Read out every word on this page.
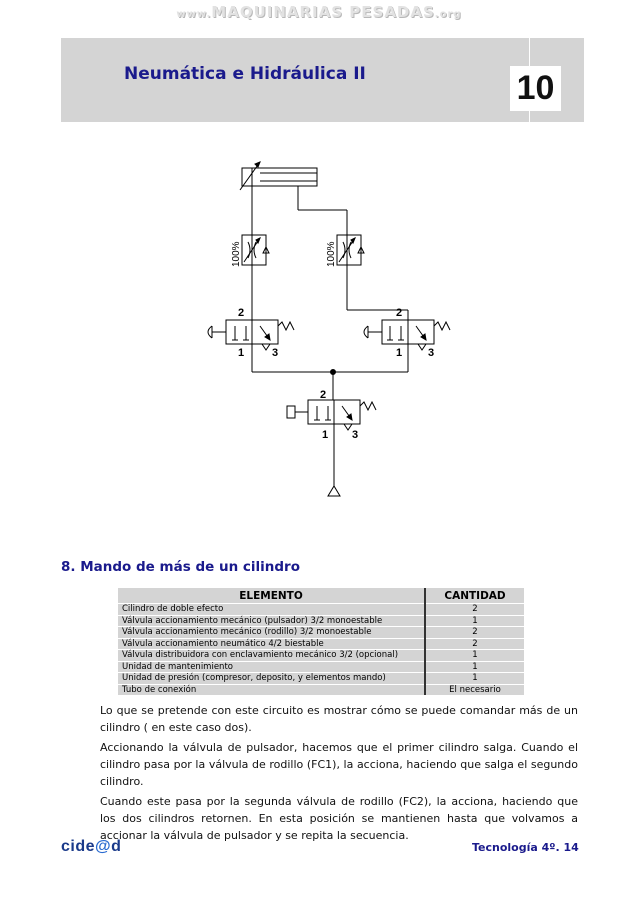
www.MAQUINARIAS PESADAS.org
Neumática e Hidráulica II	10
2
1	3
2
1 3
2
1 3
100%	100%
8. Mando de más de un cilindro
ELEMENTO	CANTIDAD
Cilindro de doble efecto	2
Válvula accionamiento mecánico (pulsador) 3/2 monoestable	1
Válvula accionamiento mecánico (rodillo) 3/2 monoestable	2
Válvula accionamiento neumático 4/2 biestable	2
Válvula distribuidora con enclavamiento mecánico 3/2 (opcional)	1
Unidad de mantenimiento	1
Unidad de presión (compresor, deposito, y elementos mando)	1
Tubo de conexión	El necesario

Lo que se pretende con este circuito es mostrar cómo se puede comandar más de un cilindro ( en este caso dos).

Accionando la válvula de pulsador, hacemos que el primer cilindro salga. Cuando el cilindro pasa por la válvula de rodillo (FC1), la acciona, haciendo que salga el segundo cilindro.

Cuando este pasa por la segunda válvula de rodillo (FC2), la acciona, haciendo que los dos cilindros retornen. En esta posición se mantienen hasta que volvamos a accionar la válvula de pulsador y se repita la secuencia.

cide@d	Tecnología 4º. 14
